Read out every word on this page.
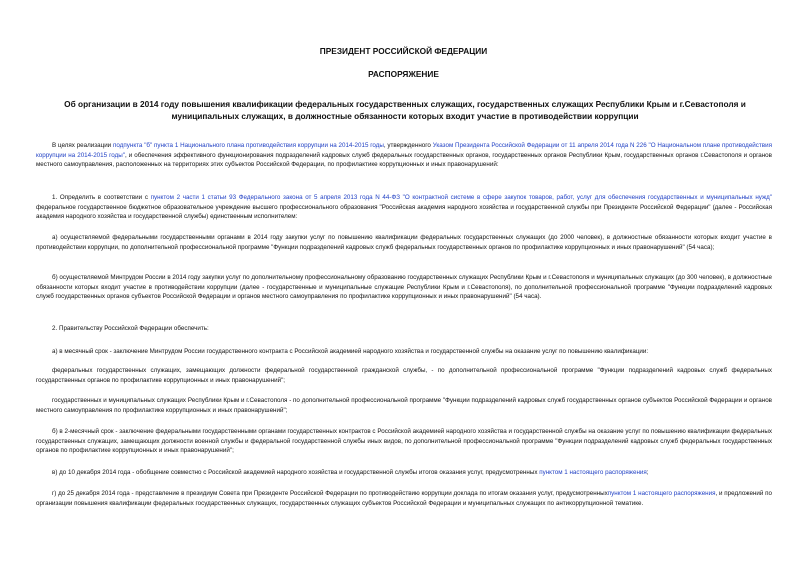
ПРЕЗИДЕНТ РОССИЙСКОЙ ФЕДЕРАЦИИ

РАСПОРЯЖЕНИЕ

Об организации в 2014 году повышения квалификации федеральных государственных служащих, государственных служащих Республики Крым и г.Севастополя и муниципальных служащих, в должностные обязанности которых входит участие в противодействии коррупции

В целях реализации подпункта "б" пункта 1 Национального плана противодействия коррупции на 2014-2015 годы, утвержденного Указом Президента Российской Федерации от 11 апреля 2014 года N 226 "О Национальном плане противодействия коррупции на 2014-2015 годы", и обеспечения эффективного функционирования подразделений кадровых служб федеральных государственных органов, государственных органов Республики Крым, государственных органов г.Севастополя и органов местного самоуправления, расположенных на территориях этих субъектов Российской Федерации, по профилактике коррупционных и иных правонарушений:

1. Определить в соответствии с пунктом 2 части 1 статьи 93 Федерального закона от 5 апреля 2013 года N 44-ФЗ "О контрактной системе в сфере закупок товаров, работ, услуг для обеспечения государственных и муниципальных нужд" федеральное государственное бюджетное образовательное учреждение высшего профессионального образования "Российская академия народного хозяйства и государственной службы при Президенте Российской Федерации" (далее - Российская академия народного хозяйства и государственной службы) единственным исполнителем:

а) осуществляемой федеральными государственными органами в 2014 году закупки услуг по повышению квалификации федеральных государственных служащих (до 2000 человек), в должностные обязанности которых входит участие в противодействии коррупции, по дополнительной профессиональной программе "Функции подразделений кадровых служб федеральных государственных органов по профилактике коррупционных и иных правонарушений" (54 часа);

б) осуществляемой Минтрудом России в 2014 году закупки услуг по дополнительному профессиональному образованию государственных служащих Республики Крым и г.Севастополя и муниципальных служащих (до 300 человек), в должностные обязанности которых входит участие в противодействии коррупции (далее - государственные и муниципальные служащие Республики Крым и г.Севастополя), по дополнительной профессиональной программе "Функции подразделений кадровых служб государственных органов субъектов Российской Федерации и органов местного самоуправления по профилактике коррупционных и иных правонарушений" (54 часа).

2. Правительству Российской Федерации обеспечить:

а) в месячный срок - заключение Минтрудом России государственного контракта с Российской академией народного хозяйства и государственной службы на оказание услуг по повышению квалификации:

федеральных государственных служащих, замещающих должности федеральной государственной гражданской службы, - по дополнительной профессиональной программе "Функции подразделений кадровых служб федеральных государственных органов по профилактике коррупционных и иных правонарушений";

государственных и муниципальных служащих Республики Крым и г.Севастополя - по дополнительной профессиональной программе "Функции подразделений кадровых служб государственных органов субъектов Российской Федерации и органов местного самоуправления по профилактике коррупционных и иных правонарушений";

б) в 2-месячный срок - заключение федеральными государственными органами государственных контрактов с Российской академией народного хозяйства и государственной службы на оказание услуг по повышению квалификации федеральных государственных служащих, замещающих должности военной службы и федеральной государственной службы иных видов, по дополнительной профессиональной программе "Функции подразделений кадровых служб федеральных государственных органов по профилактике коррупционных и иных правонарушений";

в) до 10 декабря 2014 года - обобщение совместно с Российской академией народного хозяйства и государственной службы итогов оказания услуг, предусмотренных пунктом 1 настоящего распоряжения;

г) до 25 декабря 2014 года - представление в президиум Совета при Президенте Российской Федерации по противодействию коррупции доклада по итогам оказания услуг, предусмотренныхпунктом 1 настоящего распоряжения, и предложений по организации повышения квалификации федеральных государственных служащих, государственных служащих субъектов Российской Федерации и муниципальных служащих по антикоррупционной тематике.
